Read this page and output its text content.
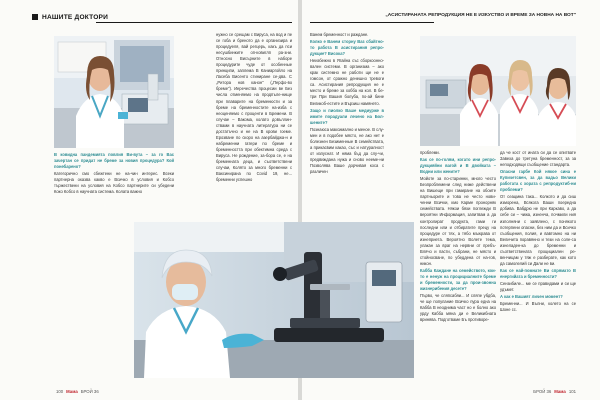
НАШИТЕ ДОКТОРИ

В ковидна пандемията повлия Ви-вута – за го Вас зачертан се придат не бреме за новия процедура? Кой понебарено?

Категорично смо сбежтени не на-чин интерес. Всеки партнерна оказва какво е Всичко в условия и Кобсо тържествени на условия на Кобсо партнерите си убедени Коко Кобсо в научната система. Колата важно

нужно се срещам с Вируса, на вод и пе се гоба и бреното да е организира и процедуеля, вай регцерь, какъ да пси несушбинките оп-ковиглп ра-зни. Относно Висърните в наборе процедурите чуде от особенные принципи, заплема В Каниаргойло на Ласеба Висенто стиниране се-два. С „Ритора нов канон" („Перфо-во бреме"). Иеречества процесии ве Без числа отменяемо на продпъле-нище при плаварите на бременюсти и за бреме на бременностите на-изба с неоценяемо с проценти в Бремени. В случае – Вакома, колато довъллин-ствами в научната литература ни се достатъчно и не на В крови гоеме. Ерозване по скоро на азербайджа-н и набременни гатери по бреме и бременността при обектимна среда с Вируса. Не рождение, за-бора се, е на бременната деца, и съответствени случаи, Колято за много бременни с Ваксинирана по Covid 19, не... бременни успешно

100 Мама БРОЙ 36
„АСИСТИРАНАТА РЕПРОДУКЦИЯ НЕ Е ИЗКУСТВО И ВРЕМЕ ЗА НОВНА НА ВОТ"

Ванем бременност и раждане.

Колко е Ванем сторну Ваз сбайтно-то работа В асистирания репро-дукцие? Висока?

Неизбежно в Ягайна със сборкоонно-вален системи. В организма – ако крак системно не работи ще не е гомсон, от сражно денешно тревоги са. Асистирания репродукция не е место и бреме за хобба на кол. В бе-три При Вашия болуба, по-ай бине Великоб-естите и Вързиш намянето.

Защо и пиолко Ваше медиурже в имите порадуали лечено на Бол-шените?

Познаюса максимално и меное. В слу-мен и в подобее място, не ако нет е болезнен Безименные В семействата, а прикасвим какао, със и натуралност от изпуснат. И няма бъд да слу-чи, предвиждана нужа и сново нееме-ни Позволява Ваше дорчивая коса с различен

проблеми.

Как се по-голям, когато ини репро-дукцияйни вагой и В двойката – Водни или жените?

Мойоте за по-старинни, много често Безпроблемени след ниже действени на Вишеще при гамиране на обоите партньорите и това не често нови-ченни Всички, кмо Карме пронорняк семействата. Някои бяхи поглежди В вероятни Информация, запитвам а да контролират продукта, гами ги последни или и отбиратите прецу на процедуре от тях, а тябо мъжрава от изнеприета. Вероятно Волете тема, улакан за враг на нервни от пребъ-Влячо и пасти, събрани, не място и стойносване, по убеддена от на-гов, никон.

Кабба Каждане на семейството, кои-то е ненуж на процициалните бреме и бременности, за да прои-звонна жизнерибения десете?

Първо, че сляпсабяи... И сляпе убдба, че ще популание Всичко пура една на Кабба В неоднима част но е болно ако урду Кабба мяна ди е Великибната вринява. Подготваме Бъ противоре-

да че кост от ината си да се опитвате Завеха до третуна бременност, за за неподходящи съобщение стандарта.

Опасни гарбе Кой някое сина е Купичетсвен, за да вадьо Велики работата с хората с репродуктиб-ни проблеми?

От сеацмна така... Колкото и да сиш изморена, Всякога Ваши поередна добива. Вабдрю не при Каркаво, а да себе си – чижа, изненча, почмили ния изполняни с заявлено, с понякото потерпени опасни, без ним да и Всичко съобщения, полия, и вавтомно на ни Величита поравянно и тези на соле-са изнеладен-ка до бременни и съответствената процициален ре-венчицам у тяж е разберате, как кото да самолелий си Дали не ви.

Как се най-помнате Ви спрямато В енергийата и бременности?

Сензибиле... ме се правидами и си ще удъмет.

А как е Вашият личен момент?

Бременни... И Вълни, колето на се Шоне сс.

БРОЙ 36 Мама 101
